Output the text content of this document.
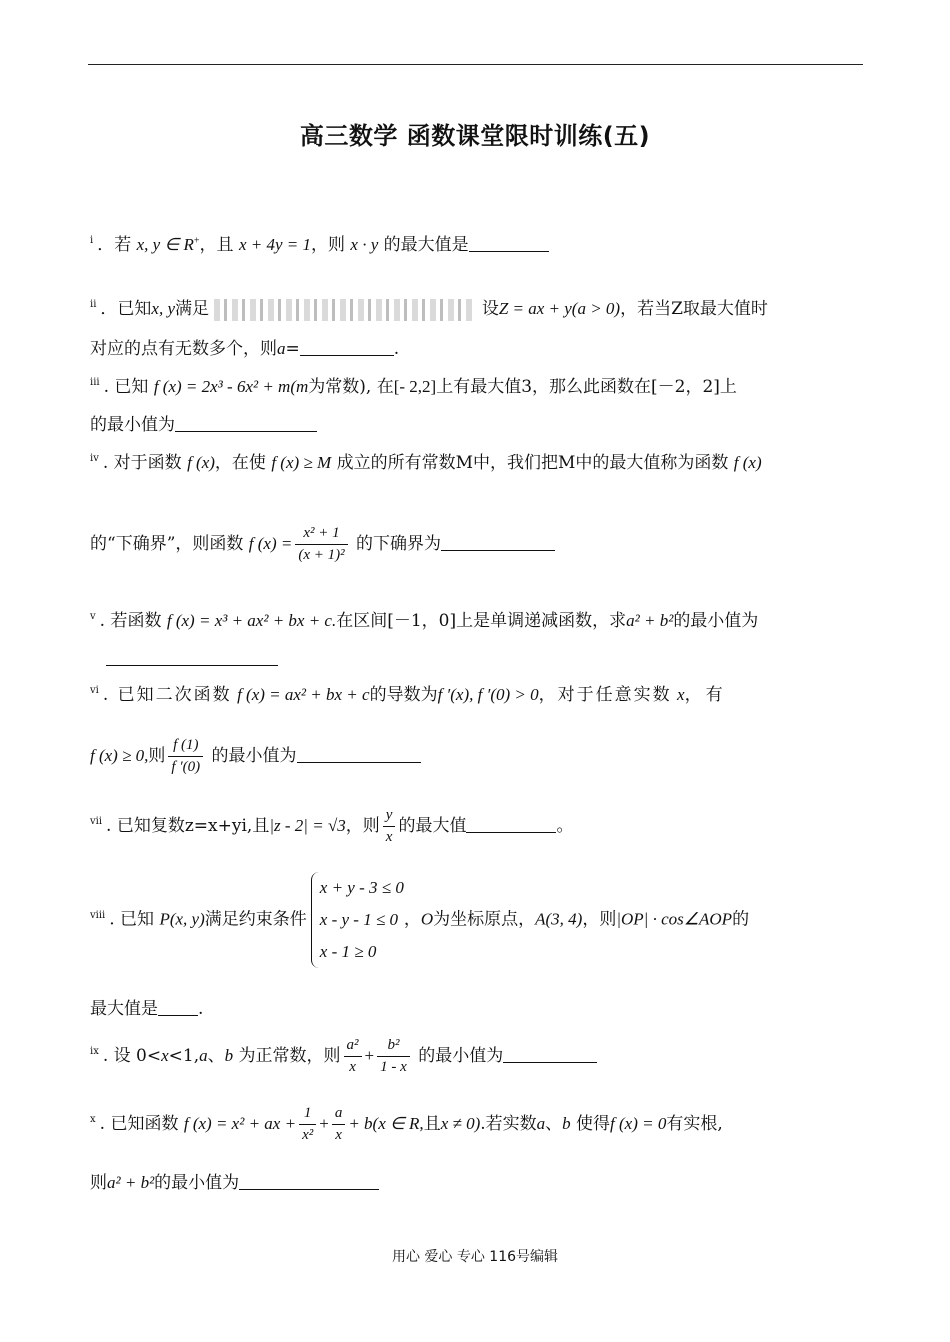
高三数学 函数课堂限时训练(五)
$^i$ ．若 x, y ∈ R+，且 x + 4y = 1，则 x · y 的最大值是
$^{ii}$ ．已知x, y满足	设Z = ax + y(a > 0)，若当Z取最大值时
对应的点有无数多个，则a=	.
$^{iii}$ . 已知 f (x) = 2x³ - 6x² + m(m为常数), 在[- 2,2]上有最大值3，那么此函数在[－2，2]上
的最小值为
$^{iv}$ . 对于函数 f (x)，在使 f (x) ≥ M 成立的所有常数M中，我们把M中的最大值称为函数 f (x)
的“下确界”，则函数 f $(x) = \frac{\text{x² + 1}}{\text{(x + 1)²}}$ 的下确界为
$^v$ . 若函数 f (x) = x³ + ax² + bx + c.在区间[－1，0]上是单调递减函数，求a² + b²的最小值为
$^{vi}$ . 已知二次函数 f (x) = ax² + bx + c的导数为f ′(x), f ′(0) > 0，对于任意实数 x，有
f (x) ≥ 0,则 $\frac{f (1)}{f '(0)}$ 的最小值为
$^{vii}$ . 已知复数z=x+yi,且|z - 2| = √3，则 $\frac{y}{x}$ 的最大值	。
$^{viii}$ . 已知 P(x, y)满足约束条件
x + y - 3 ≤ 0
x - y - 1 ≤ 0
x - 1 ≥ 0
，O为坐标原点，A(3, 4)，则|OP| · cos∠AOP的
最大值是 .
$^{ix}$ . 设 0<x<1,a、b 为正常数，则 $\frac{\text{a²}}{x} + \frac{\text{b²}}{1 - x}$ 的最小值为
$^x$ . 已知函数 f (x) = x² + ax + $\frac{1}{\text{x²}} + \frac{a}{x} + b(x$ ∈ R,且x ≠ 0).若实数a、b 使得f (x) = 0有实根,
则a² + b²的最小值为
用心 爱心 专心 116号编辑
